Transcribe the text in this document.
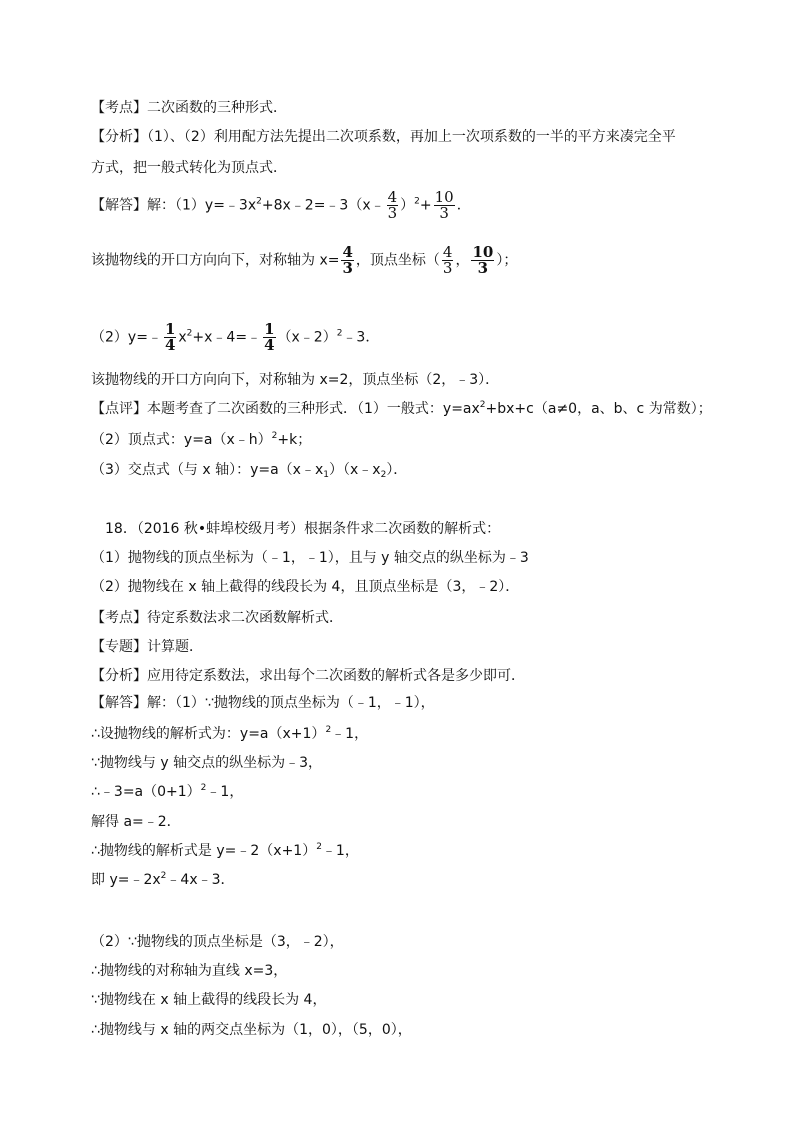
【考点】二次函数的三种形式．
【分析】（1）、（2）利用配方法先提出二次项系数，再加上一次项系数的一半的平方来凑完全平
方式，把一般式转化为顶点式．
【解答】解：$(1)y=﹣3x^2+8x﹣2=﹣3(x﹣ \frac{4}{3} )^2+ \frac{10}{3}$ ．
该抛物线的开口方向向下，对称轴为 $x= \frac{4}{3}$ ，顶点坐标（ $\frac{4}{3}$ ， $\frac{10}{3}$ ）；
（2）y=﹣ $\frac{1}{4}$ $x^2+x﹣4=﹣ \frac{1}{4}$ （x﹣2）$^2$﹣3．
该抛物线的开口方向向下，对称轴为 x=2，顶点坐标（2，﹣3）．
【点评】本题考查了二次函数的三种形式．（1）一般式：$y=ax^2+bx+c(a\ne 0$，a、b、c 为常数）；
（2）顶点式：y=a（x﹣h）$^2$+k；
（3）交点式（与 x 轴）：$y=a(x﹣x_1)(x﹣x_2)$．
18．（2016 秋•蚌埠校级月考）根据条件求二次函数的解析式：
（1）抛物线的顶点坐标为（﹣1，﹣1），且与 y 轴交点的纵坐标为﹣3
（2）抛物线在 x 轴上截得的线段长为 4，且顶点坐标是（3，﹣2）．
【考点】待定系数法求二次函数解析式．
【专题】计算题．
【分析】应用待定系数法，求出每个二次函数的解析式各是多少即可．
【解答】解：（1）∵抛物线的顶点坐标为（﹣1，﹣1），
∴设抛物线的解析式为：$y=a(x+1)^2﹣1$，
∵抛物线与 y 轴交点的纵坐标为﹣3，
$\therefore﹣3=a(0+1)^2﹣1$，
解得 a=﹣2．
∴抛物线的解析式是 $y=﹣2(x+1)^2﹣1$，
即 $y=﹣2x^2﹣4x﹣3$．
（2）∵抛物线的顶点坐标是（3，﹣2），
∴抛物线的对称轴为直线 x=3，
∵抛物线在 x 轴上截得的线段长为 4，
∴抛物线与 x 轴的两交点坐标为（1，0），（5，0），
